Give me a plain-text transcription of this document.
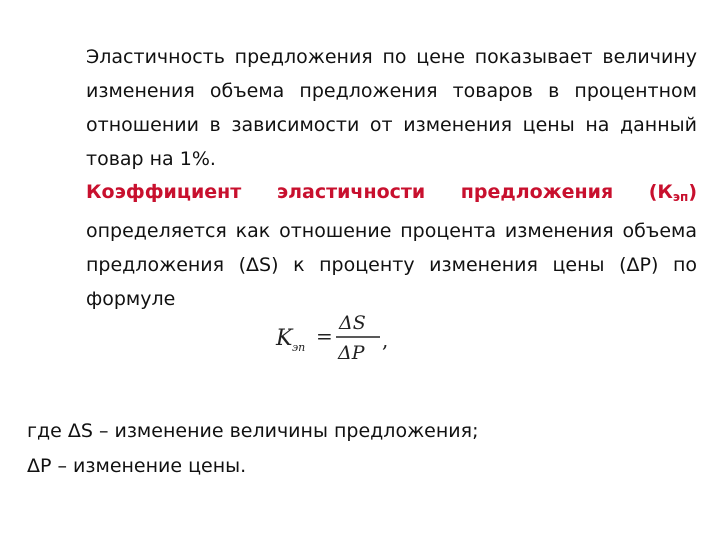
Эластичность предложения по цене показывает величину изменения объема предложения товаров в процентном отношении в зависимости от изменения цены на данный товар на 1%.

Коэффициент эластичности предложения $(К_{эп})$ определяется как отношение процента изменения объема предложения (ΔS) к проценту изменения цены (ΔP) по формуле

K эп =
ΔS
ΔP
,

где ΔS – изменение величины предложения;

ΔP – изменение цены.
